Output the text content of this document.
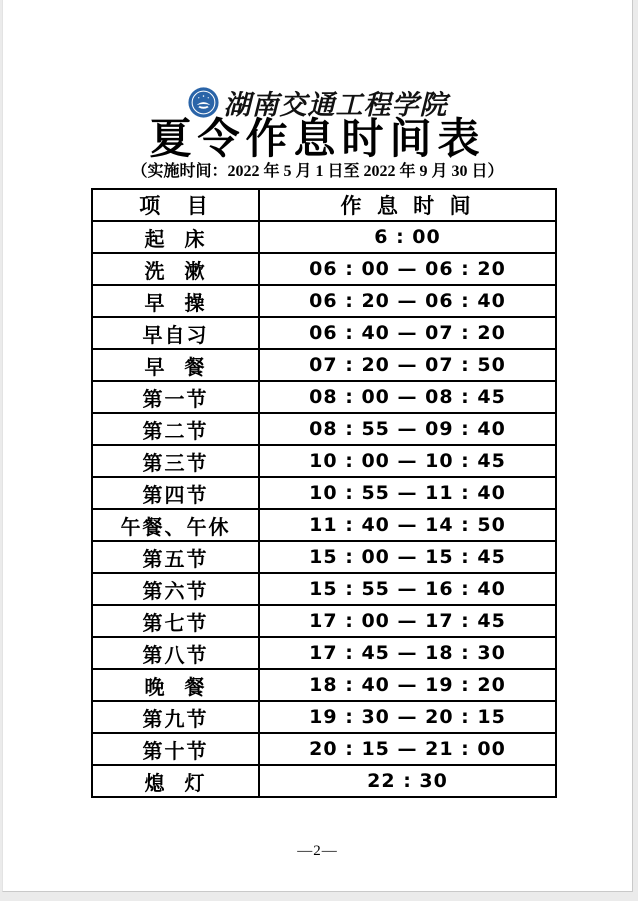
湖南交通工程学院
夏令作息时间表
（实施时间：2022 年 5 月 1 日至 2022 年 9 月 30 日）
项  目	作 息 时 间
起  床	6 : 00
洗  漱	06 : 00 — 06 : 20
早  操	06 : 20 — 06 : 40
早自习	06 : 40 — 07 : 20
早  餐	07 : 20 — 07 : 50
第一节	08 : 00 — 08 : 45
第二节	08 : 55 — 09 : 40
第三节	10 : 00 — 10 : 45
第四节	10 : 55 — 11 : 40
午餐、午休	11 : 40 — 14 : 50
第五节	15 : 00 — 15 : 45
第六节	15 : 55 — 16 : 40
第七节	17 : 00 — 17 : 45
第八节	17 : 45 — 18 : 30
晚  餐	18 : 40 — 19 : 20
第九节	19 : 30 — 20 : 15
第十节	20 : 15 — 21 : 00
熄  灯	22 : 30
—2—
